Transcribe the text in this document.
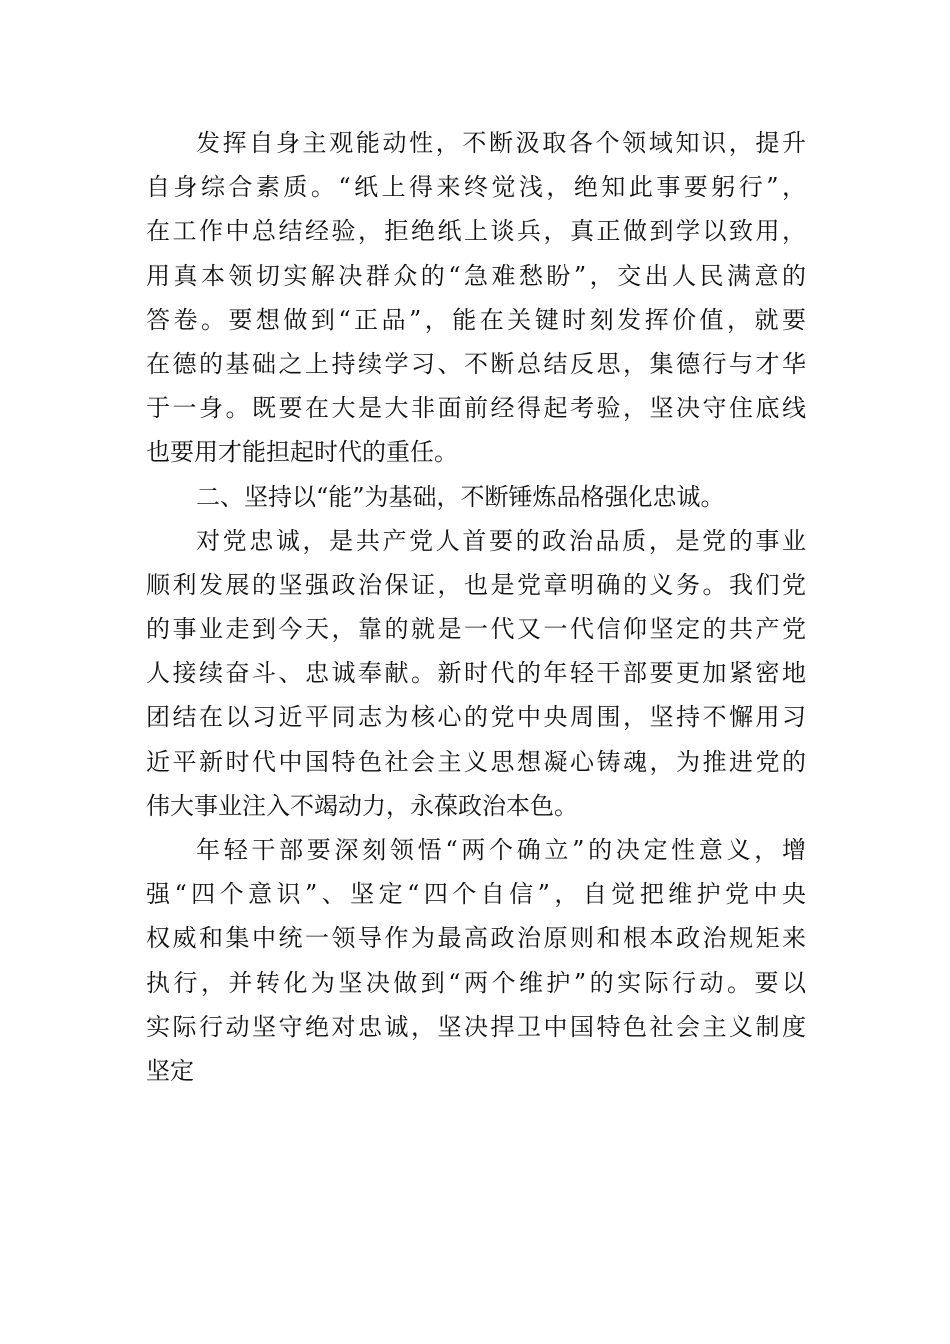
发挥自身主观能动性，不断汲取各个领域知识，提升
自身综合素质。“纸上得来终觉浅，绝知此事要躬行”，
在工作中总结经验，拒绝纸上谈兵，真正做到学以致用，
用真本领切实解决群众的“急难愁盼”，交出人民满意的
答卷。要想做到“正品”，能在关键时刻发挥价值，就要
在德的基础之上持续学习、不断总结反思，集德行与才华
于一身。既要在大是大非面前经得起考验，坚决守住底线
也要用才能担起时代的重任。
二、坚持以“能”为基础，不断锤炼品格强化忠诚。
对党忠诚，是共产党人首要的政治品质，是党的事业
顺利发展的坚强政治保证，也是党章明确的义务。我们党
的事业走到今天，靠的就是一代又一代信仰坚定的共产党
人接续奋斗、忠诚奉献。新时代的年轻干部要更加紧密地
团结在以习近平同志为核心的党中央周围，坚持不懈用习
近平新时代中国特色社会主义思想凝心铸魂，为推进党的
伟大事业注入不竭动力，永葆政治本色。
年轻干部要深刻领悟“两个确立”的决定性意义，增
强“四个意识”、坚定“四个自信”，自觉把维护党中央
权威和集中统一领导作为最高政治原则和根本政治规矩来
执行，并转化为坚决做到“两个维护”的实际行动。要以
实际行动坚守绝对忠诚，坚决捍卫中国特色社会主义制度
坚定
